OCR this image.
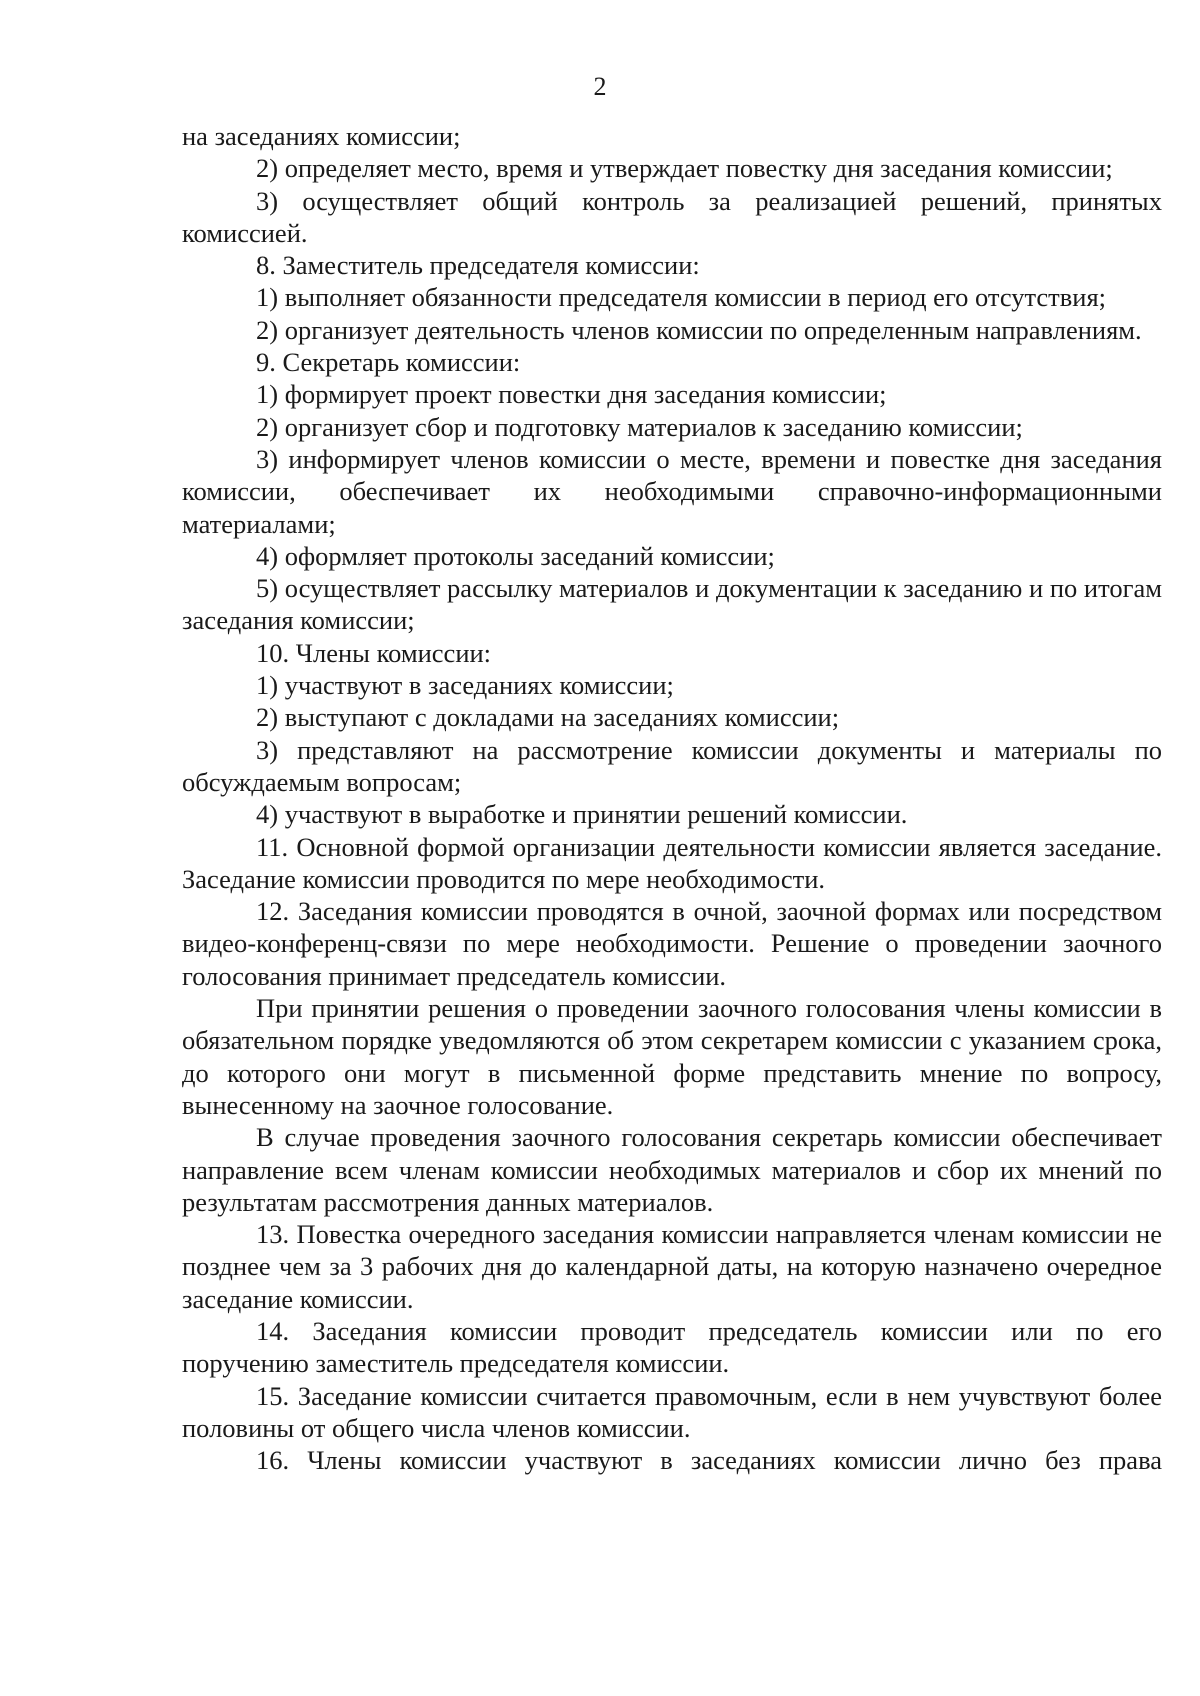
2

на заседаниях комиссии;

2) определяет место, время и утверждает повестку дня заседания комиссии;

3) осуществляет общий контроль за реализацией решений, принятых комиссией.

8. Заместитель председателя комиссии:

1) выполняет обязанности председателя комиссии в период его отсутствия;

2) организует деятельность членов комиссии по определенным направлениям.

9. Секретарь комиссии:

1) формирует проект повестки дня заседания комиссии;

2) организует сбор и подготовку материалов к заседанию комиссии;

3) информирует членов комиссии о месте, времени и повестке дня заседания комиссии, обеспечивает их необходимыми справочно-информационными материалами;

4) оформляет протоколы заседаний комиссии;

5) осуществляет рассылку материалов и документации к заседанию и по итогам заседания комиссии;

10. Члены комиссии:

1) участвуют в заседаниях комиссии;

2) выступают с докладами на заседаниях комиссии;

3) представляют на рассмотрение комиссии документы и материалы по обсуждаемым вопросам;

4) участвуют в выработке и принятии решений комиссии.

11. Основной формой организации деятельности комиссии является заседание. Заседание комиссии проводится по мере необходимости.

12. Заседания комиссии проводятся в очной, заочной формах или посредством видео-конференц-связи по мере необходимости. Решение о проведении заочного голосования принимает председатель комиссии.

При принятии решения о проведении заочного голосования члены комиссии в обязательном порядке уведомляются об этом секретарем комиссии с указанием срока, до которого они могут в письменной форме представить мнение по вопросу, вынесенному на заочное голосование.

В случае проведения заочного голосования секретарь комиссии обеспечивает направление всем членам комиссии необходимых материалов и сбор их мнений по результатам рассмотрения данных материалов.

13. Повестка очередного заседания комиссии направляется членам комиссии не позднее чем за 3 рабочих дня до календарной даты, на которую назначено очередное заседание комиссии.

14. Заседания комиссии проводит председатель комиссии или по его поручению заместитель председателя комиссии.

15. Заседание комиссии считается правомочным, если в нем учувствуют более половины от общего числа членов комиссии.

16. Члены комиссии участвуют в заседаниях комиссии лично без права
